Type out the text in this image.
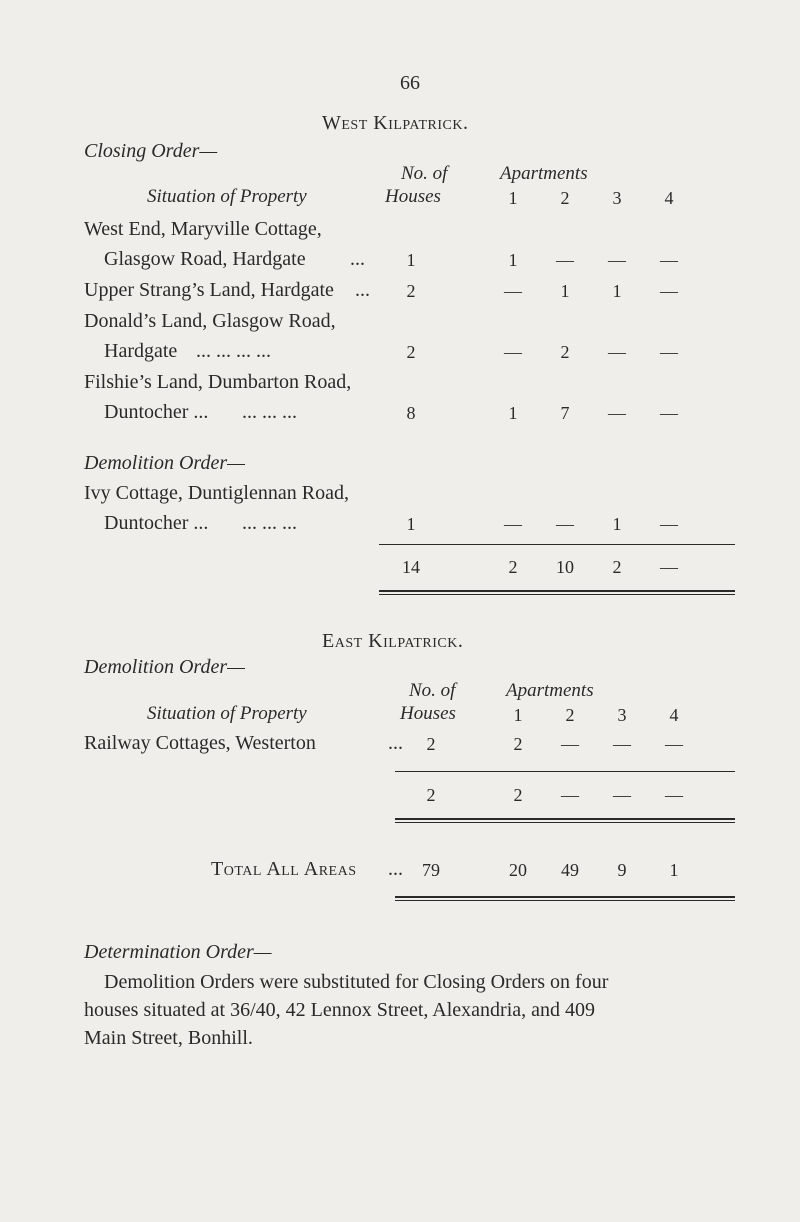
66
West Kilpatrick.
Closing Order—
No. of	Apartments
Situation of Property	Houses	1	2	3	4
West End, Maryville Cottage,
Glasgow Road, Hardgate ...	1	1	—	—	—
Upper Strang’s Land, Hardgate ...	2	—	1	1	—
Donald’s Land, Glasgow Road,
Hardgate ... ... ... ...	2	—	2	—	—
Filshie’s Land, Dumbarton Road,
Duntocher ... ... ... ...	8	1	7	—	—
Demolition Order—
Ivy Cottage, Duntiglennan Road,
Duntocher ... ... ... ...	1	—	—	1	—
14	2	10	2	—
East Kilpatrick.
Demolition Order—
No. of	Apartments
Situation of Property	Houses	1	2	3	4
Railway Cottages, Westerton	...	2	2	—	—	—
2	2	—	—	—
Total All Areas ...	79	20	49	9	1
Determination Order—
Demolition Orders were substituted for Closing Orders on four
houses situated at 36/40, 42 Lennox Street, Alexandria, and 409
Main Street, Bonhill.
